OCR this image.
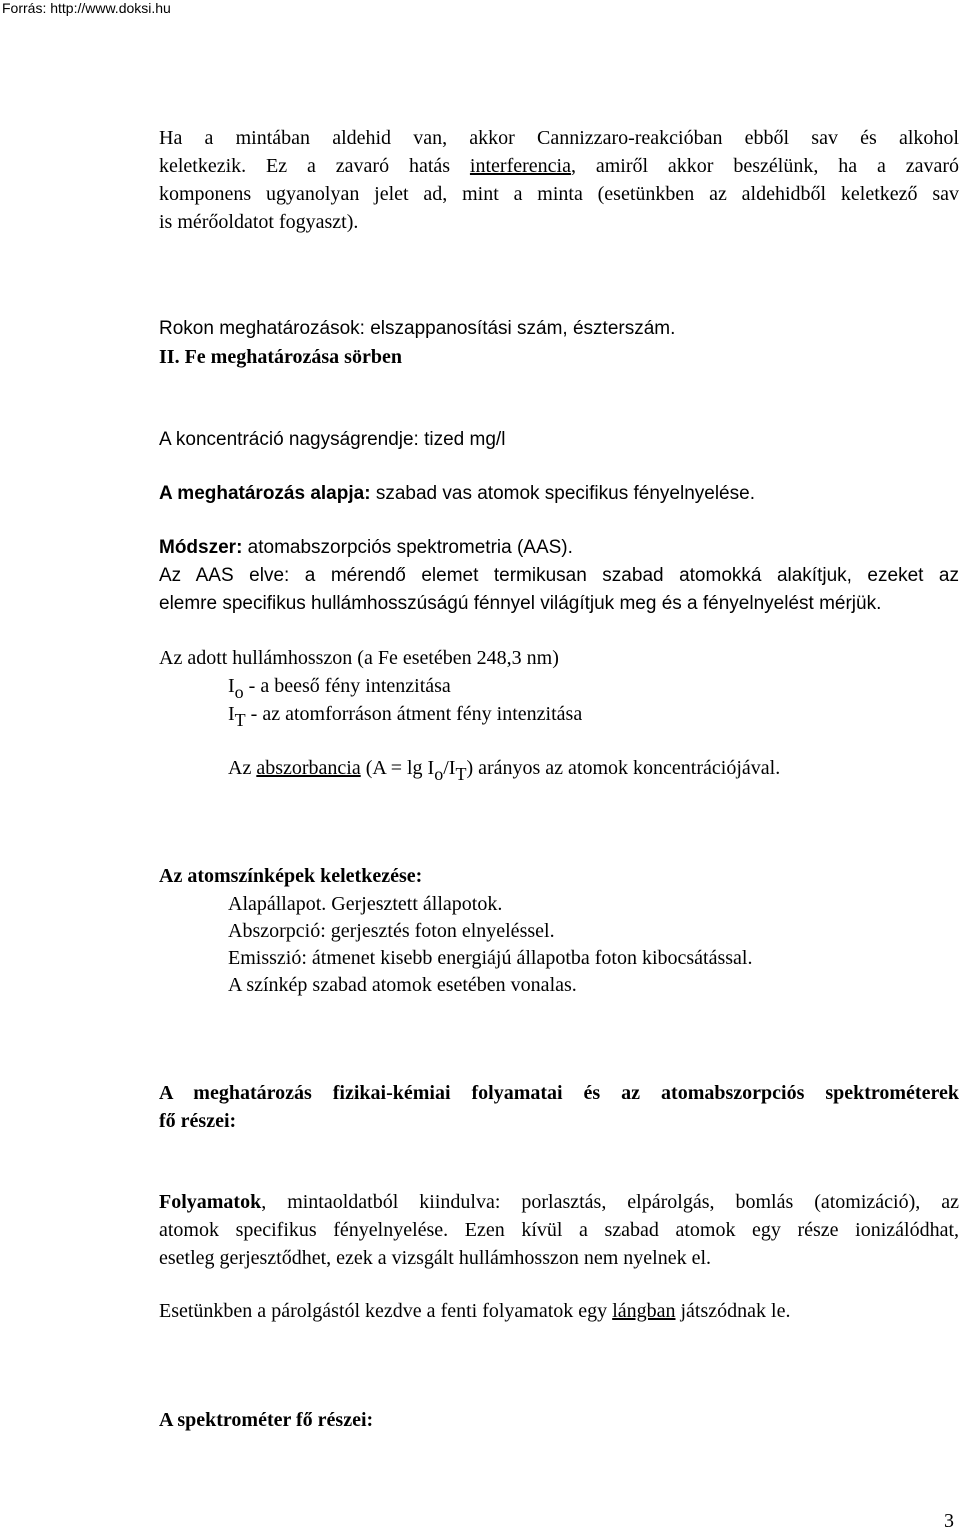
Forrás: http://www.doksi.hu

Ha a mintában aldehid van, akkor Cannizzaro-reakcióban ebből sav és alkohol

keletkezik. Ez a zavaró hatás interferencia, amiről akkor beszélünk, ha a zavaró

komponens ugyanolyan jelet ad, mint a minta (esetünkben az aldehidből keletkező sav

is mérőoldatot fogyaszt).

Rokon meghatározások: elszappanosítási szám, észterszám.
II. Fe meghatározása sörben
A koncentráció nagyságrendje: tized mg/l
A meghatározás alapja: szabad vas atomok specifikus fényelnyelése.
Módszer: atomabszorpciós spektrometria (AAS).

Az AAS elve: a mérendő elemet termikusan szabad atomokká alakítjuk, ezeket az

elemre specifikus hullámhosszúságú fénnyel világítjuk meg és a fényelnyelést mérjük.

Az adott hullámhosszon (a Fe esetében 248,3 nm)
$I_o$ - a beeső fény intenzitása
$I_T$ - az atomforráson átment fény intenzitása
Az abszorbancia $(A = \lg I_o/I_T)$ arányos az atomok koncentrációjával.
Az atomszínképek keletkezése:
Alapállapot. Gerjesztett állapotok.
Abszorpció: gerjesztés foton elnyeléssel.
Emisszió: átmenet kisebb energiájú állapotba foton kibocsátással.
A színkép szabad atomok esetében vonalas.

A meghatározás fizikai-kémiai folyamatai és az atomabszorpciós spektrométerek

fő részei:

Folyamatok, mintaoldatból kiindulva: porlasztás, elpárolgás, bomlás (atomizáció), az

atomok specifikus fényelnyelése. Ezen kívül a szabad atomok egy része ionizálódhat,

esetleg gerjesztődhet, ezek a vizsgált hullámhosszon nem nyelnek el.

Esetünkben a párolgástól kezdve a fenti folyamatok egy lángban játszódnak le.
A spektrométer fő részei:
3
